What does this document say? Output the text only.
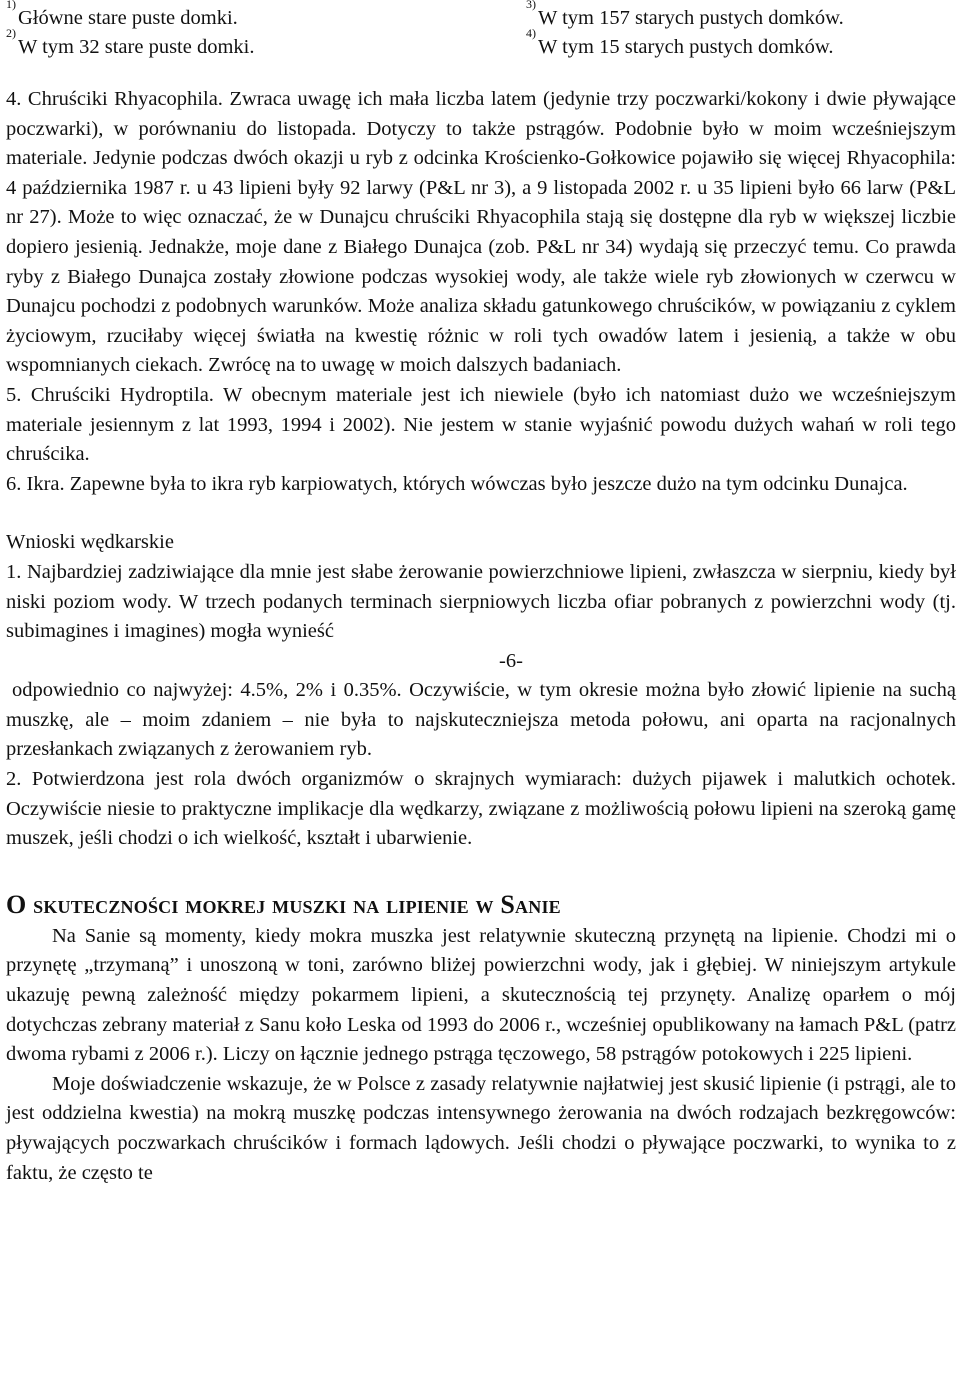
$^{1)}$Główne stare puste domki.
$^{3)}$W tym 157 starych pustych domków.
$^{2)}$W tym 32 stare puste domki.
$^{4)}$W tym 15 starych pustych domków.

4. Chruściki Rhyacophila. Zwraca uwagę ich mała liczba latem (jedynie trzy poczwarki/kokony i dwie pływające poczwarki), w porównaniu do listopada. Dotyczy to także pstrągów. Podobnie było w moim wcześniejszym materiale. Jedynie podczas dwóch okazji u ryb z odcinka Krościenko-Gołkowice pojawiło się więcej Rhyacophila: 4 października 1987 r. u 43 lipieni były 92 larwy (P&L nr 3), a 9 listopada 2002 r. u 35 lipieni było 66 larw (P&L nr 27). Może to więc oznaczać, że w Dunajcu chruściki Rhyacophila stają się dostępne dla ryb w większej liczbie dopiero jesienią. Jednakże, moje dane z Białego Dunajca (zob. P&L nr 34) wydają się przeczyć temu. Co prawda ryby z Białego Dunajca zostały złowione podczas wysokiej wody, ale także wiele ryb złowionych w czerwcu w Dunajcu pochodzi z podobnych warunków. Może analiza składu gatunkowego chruścików, w powiązaniu z cyklem życiowym, rzuciłaby więcej światła na kwestię różnic w roli tych owadów latem i jesienią, a także w obu wspomnianych ciekach. Zwrócę na to uwagę w moich dalszych badaniach.

5. Chruściki Hydroptila. W obecnym materiale jest ich niewiele (było ich natomiast dużo we wcześniejszym materiale jesiennym z lat 1993, 1994 i 2002). Nie jestem w stanie wyjaśnić powodu dużych wahań w roli tego chruścika.

6. Ikra. Zapewne była to ikra ryb karpiowatych, których wówczas było jeszcze dużo na tym odcinku Dunajca.

Wnioski wędkarskie

1. Najbardziej zadziwiające dla mnie jest słabe żerowanie powierzchniowe lipieni, zwłaszcza w sierpniu, kiedy był niski poziom wody. W trzech podanych terminach sierpniowych liczba ofiar pobranych z powierzchni wody (tj. subimagines i imagines) mogła wynieść

-6-

odpowiednio co najwyżej: 4.5%, 2% i 0.35%. Oczywiście, w tym okresie można było złowić lipienie na suchą muszkę, ale – moim zdaniem – nie była to najskuteczniejsza metoda połowu, ani oparta na racjonalnych przesłankach związanych z żerowaniem ryb.

2. Potwierdzona jest rola dwóch organizmów o skrajnych wymiarach: dużych pijawek i malutkich ochotek. Oczywiście niesie to praktyczne implikacje dla wędkarzy, związane z możliwością połowu lipieni na szeroką gamę muszek, jeśli chodzi o ich wielkość, kształt i ubarwienie.

O skuteczności mokrej muszki na lipienie w Sanie

Na Sanie są momenty, kiedy mokra muszka jest relatywnie skuteczną przynętą na lipienie. Chodzi mi o przynętę „trzymaną” i unoszoną w toni, zarówno bliżej powierzchni wody, jak i głębiej. W niniejszym artykule ukazuję pewną zależność między pokarmem lipieni, a skutecznością tej przynęty. Analizę oparłem o mój dotychczas zebrany materiał z Sanu koło Leska od 1993 do 2006 r., wcześniej opublikowany na łamach P&L (patrz dwoma rybami z 2006 r.). Liczy on łącznie jednego pstrąga tęczowego, 58 pstrągów potokowych i 225 lipieni.

Moje doświadczenie wskazuje, że w Polsce z zasady relatywnie najłatwiej jest skusić lipienie (i pstrągi, ale to jest oddzielna kwestia) na mokrą muszkę podczas intensywnego żerowania na dwóch rodzajach bezkręgowców: pływających poczwarkach chruścików i formach lądowych. Jeśli chodzi o pływające poczwarki, to wynika to z faktu, że często te
